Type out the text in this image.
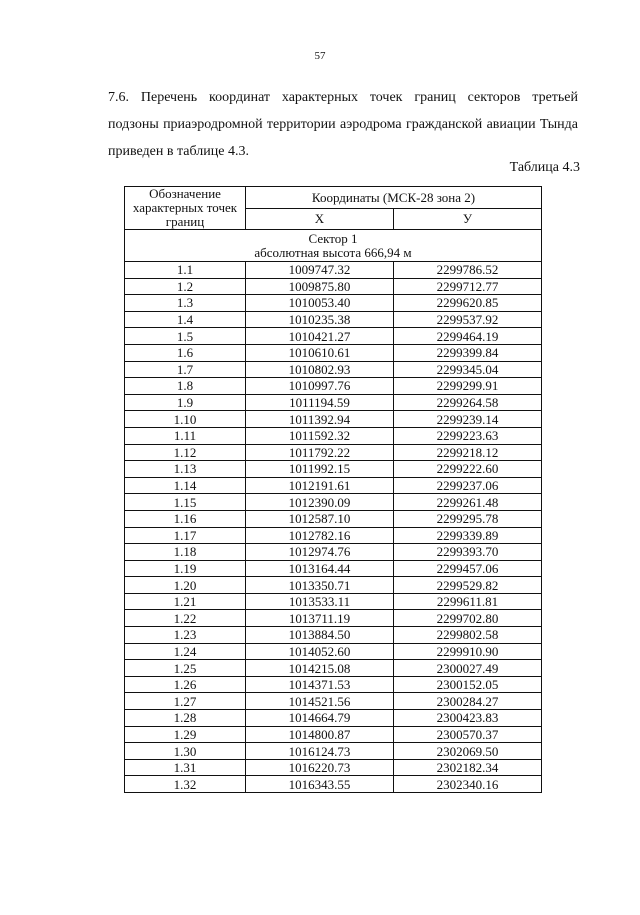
57

7.6. Перечень координат характерных точек границ секторов третьей
подзоны приаэродромной территории аэродрома гражданской авиации Тында
приведен в таблице 4.3.

Таблица 4.3
Обозначение характерных точек границ	Координаты (МСК-28 зона 2)	
	X	У
Сектор 1
абсолютная высота 666,94 м		
1.1	1009747.32	2299786.52
1.2	1009875.80	2299712.77
1.3	1010053.40	2299620.85
1.4	1010235.38	2299537.92
1.5	1010421.27	2299464.19
1.6	1010610.61	2299399.84
1.7	1010802.93	2299345.04
1.8	1010997.76	2299299.91
1.9	1011194.59	2299264.58
1.10	1011392.94	2299239.14
1.11	1011592.32	2299223.63
1.12	1011792.22	2299218.12
1.13	1011992.15	2299222.60
1.14	1012191.61	2299237.06
1.15	1012390.09	2299261.48
1.16	1012587.10	2299295.78
1.17	1012782.16	2299339.89
1.18	1012974.76	2299393.70
1.19	1013164.44	2299457.06
1.20	1013350.71	2299529.82
1.21	1013533.11	2299611.81
1.22	1013711.19	2299702.80
1.23	1013884.50	2299802.58
1.24	1014052.60	2299910.90
1.25	1014215.08	2300027.49
1.26	1014371.53	2300152.05
1.27	1014521.56	2300284.27
1.28	1014664.79	2300423.83
1.29	1014800.87	2300570.37
1.30	1016124.73	2302069.50
1.31	1016220.73	2302182.34
1.32	1016343.55	2302340.16
